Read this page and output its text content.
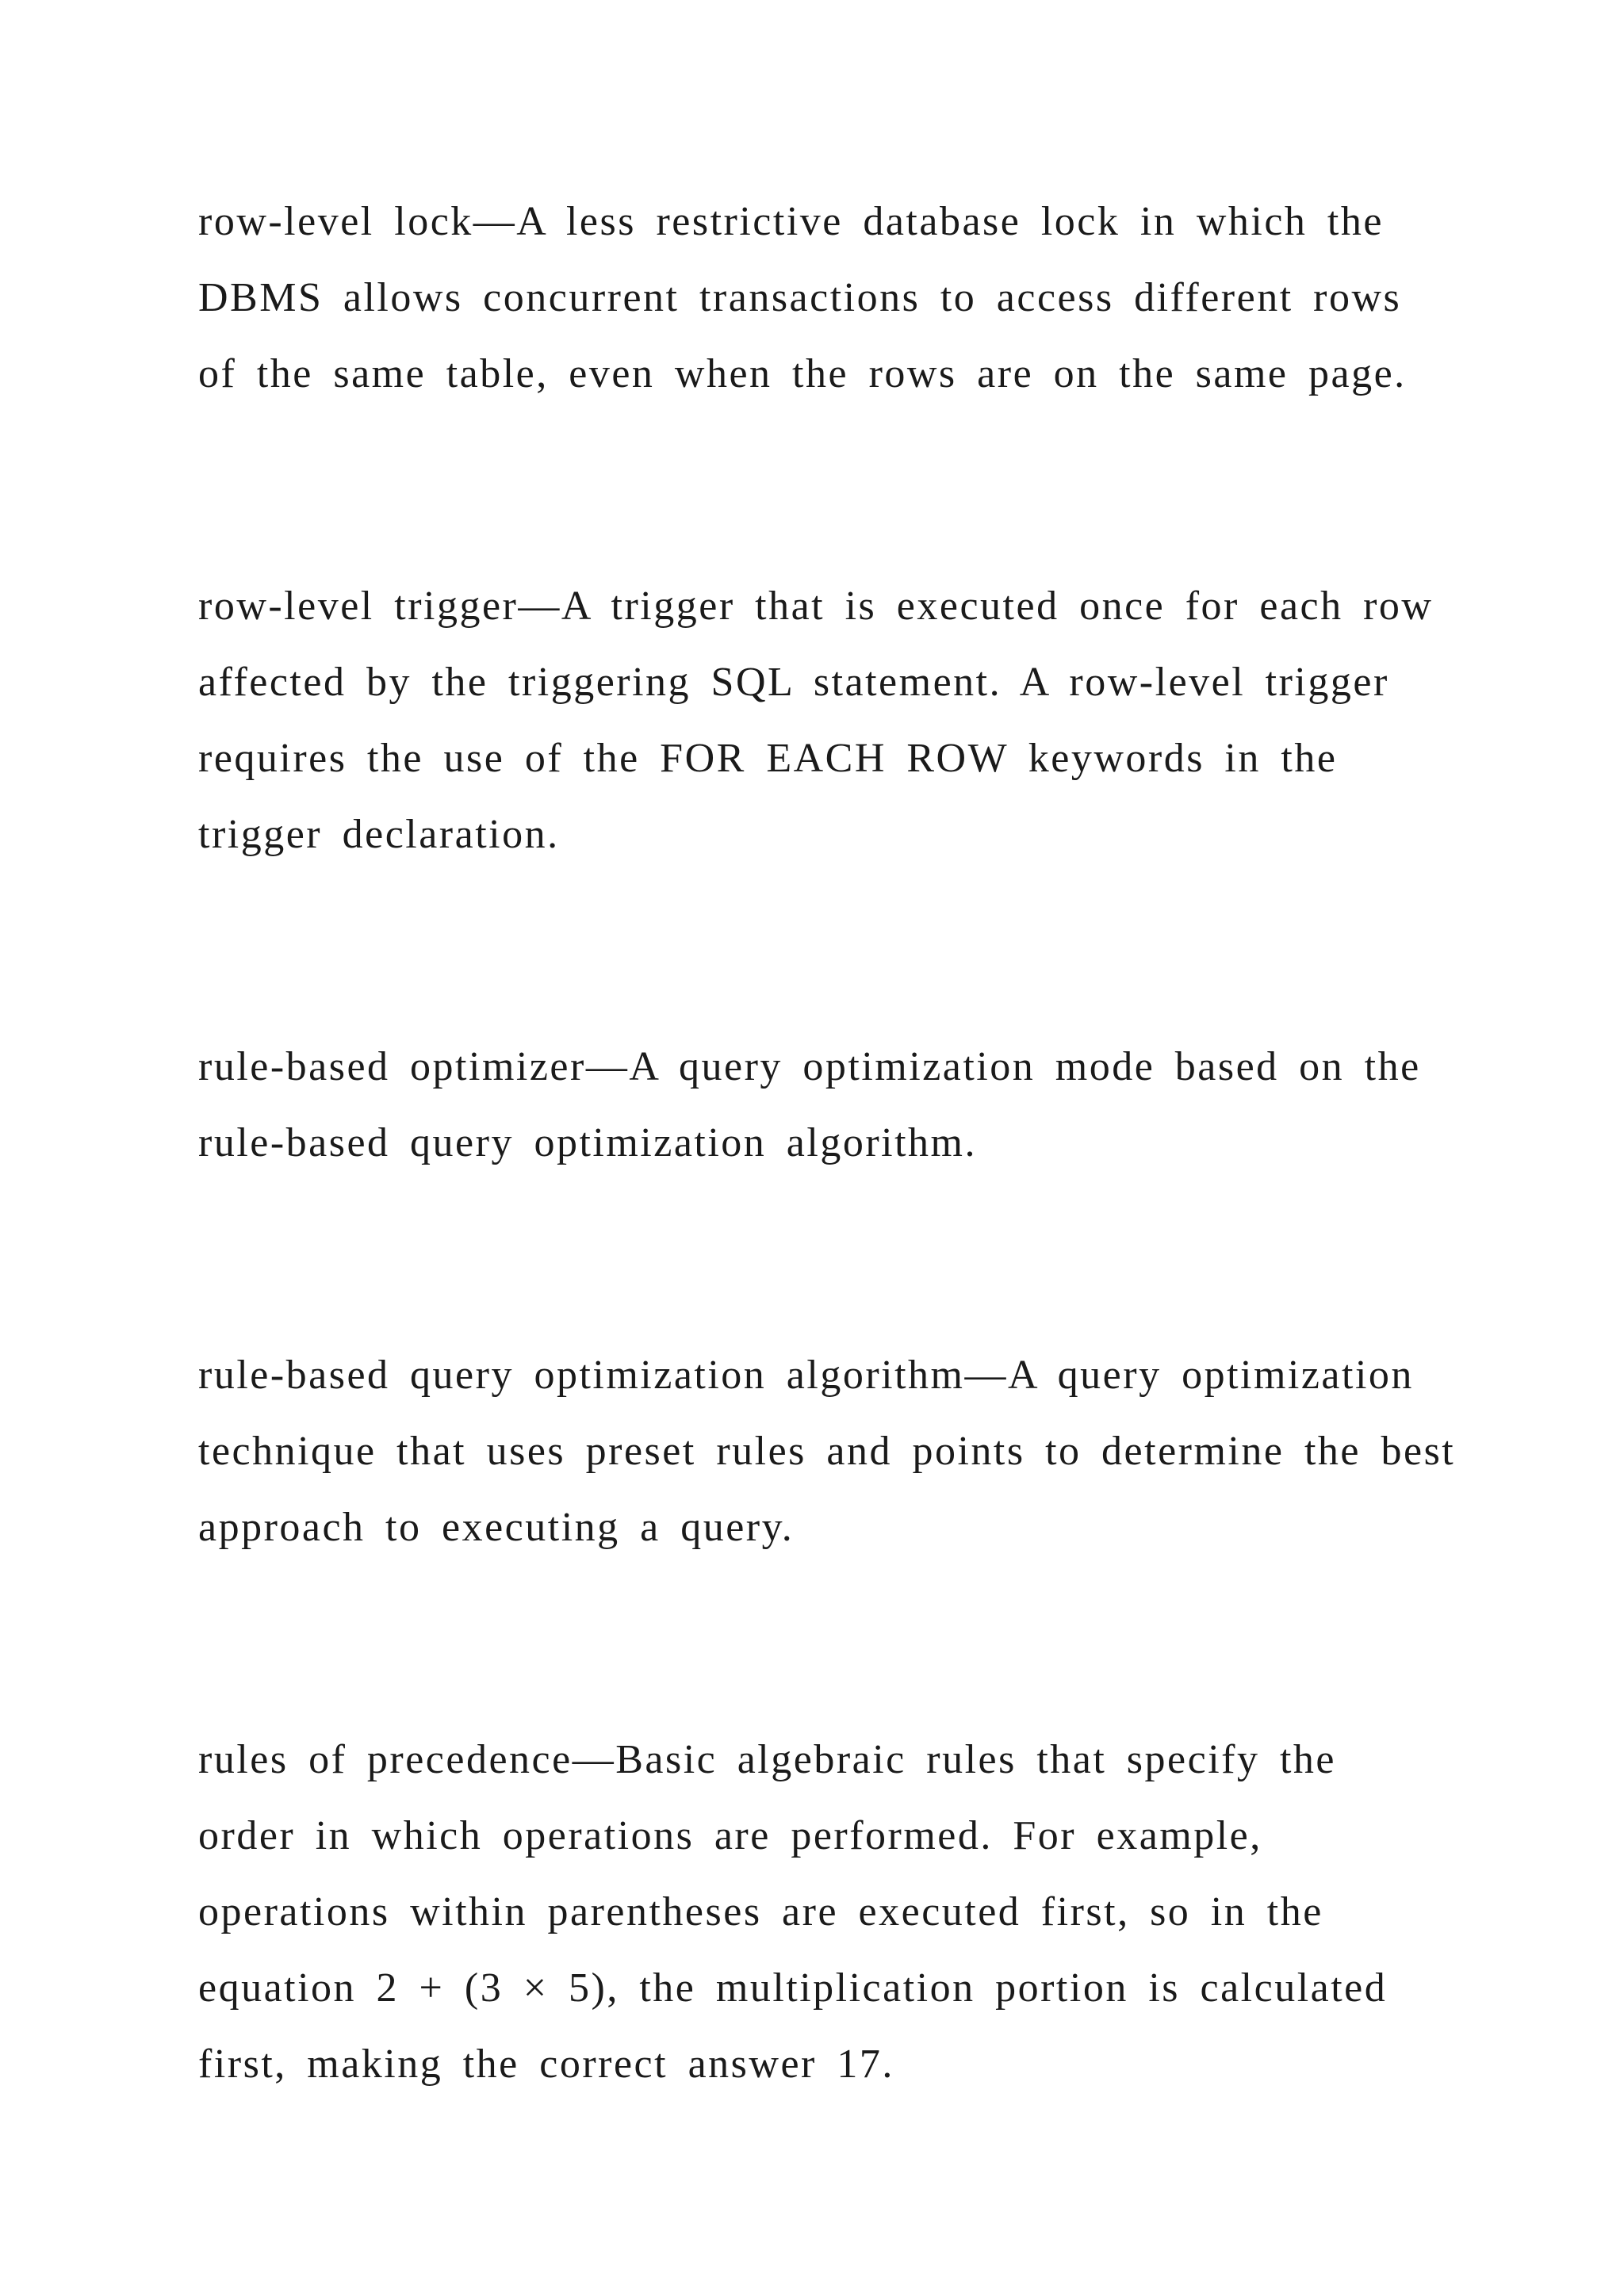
row-level lock—A less restrictive database lock in which the
DBMS allows concurrent transactions to access different rows
of the same table, even when the rows are on the same page.

row-level trigger—A trigger that is executed once for each row
affected by the triggering SQL statement. A row-level trigger
requires the use of the FOR EACH ROW keywords in the
trigger declaration.

rule-based optimizer—A query optimization mode based on the
rule-based query optimization algorithm.

rule-based query optimization algorithm—A query optimization
technique that uses preset rules and points to determine the best
approach to executing a query.

rules of precedence—Basic algebraic rules that specify the
order in which operations are performed. For example,
operations within parentheses are executed first, so in the
equation 2 + (3 × 5), the multiplication portion is calculated
first, making the correct answer 17.
